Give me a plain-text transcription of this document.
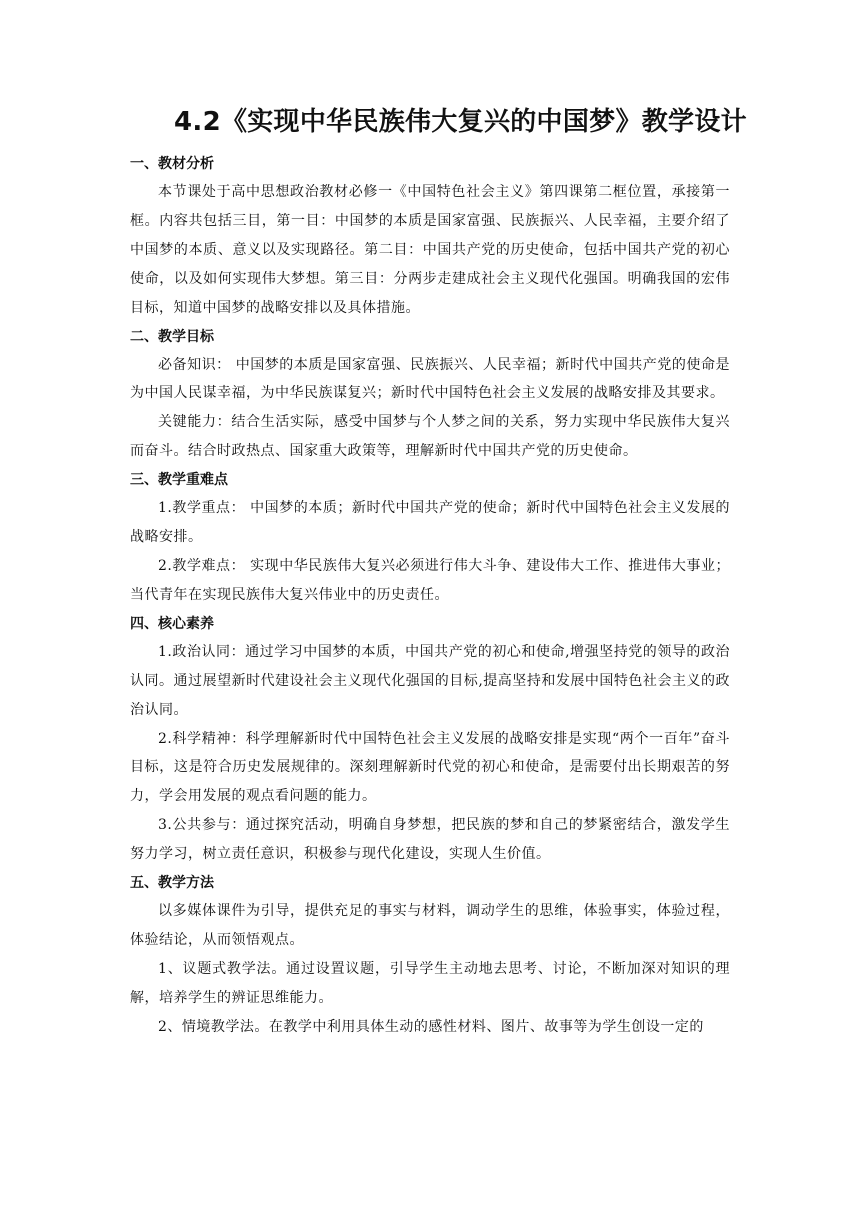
4.2《实现中华民族伟大复兴的中国梦》教学设计
一、教材分析

本节课处于高中思想政治教材必修一《中国特色社会主义》第四课第二框位置，承接第一框。内容共包括三目，第一目：中国梦的本质是国家富强、民族振兴、人民幸福，主要介绍了中国梦的本质、意义以及实现路径。第二目：中国共产党的历史使命，包括中国共产党的初心使命，以及如何实现伟大梦想。第三目：分两步走建成社会主义现代化强国。明确我国的宏伟目标，知道中国梦的战略安排以及具体措施。

二、教学目标

必备知识： 中国梦的本质是国家富强、民族振兴、人民幸福；新时代中国共产党的使命是为中国人民谋幸福，为中华民族谋复兴；新时代中国特色社会主义发展的战略安排及其要求。

关键能力：结合生活实际，感受中国梦与个人梦之间的关系，努力实现中华民族伟大复兴而奋斗。结合时政热点、国家重大政策等，理解新时代中国共产党的历史使命。

三、教学重难点

1.教学重点： 中国梦的本质；新时代中国共产党的使命；新时代中国特色社会主义发展的战略安排。

2.教学难点： 实现中华民族伟大复兴必须进行伟大斗争、建设伟大工作、推进伟大事业；当代青年在实现民族伟大复兴伟业中的历史责任。

四、核心素养

1.政治认同：通过学习中国梦的本质，中国共产党的初心和使命,增强坚持党的领导的政治认同。通过展望新时代建设社会主义现代化强国的目标,提高坚持和发展中国特色社会主义的政治认同。

2.科学精神：科学理解新时代中国特色社会主义发展的战略安排是实现“两个一百年”奋斗目标，这是符合历史发展规律的。深刻理解新时代党的初心和使命，是需要付出长期艰苦的努力，学会用发展的观点看问题的能力。

3.公共参与：通过探究活动，明确自身梦想，把民族的梦和自己的梦紧密结合，激发学生努力学习，树立责任意识，积极参与现代化建设，实现人生价值。

五、教学方法

以多媒体课件为引导，提供充足的事实与材料，调动学生的思维，体验事实，体验过程，体验结论，从而领悟观点。

1、议题式教学法。通过设置议题，引导学生主动地去思考、讨论，不断加深对知识的理解，培养学生的辨证思维能力。

2、情境教学法。在教学中利用具体生动的感性材料、图片、故事等为学生创设一定的
